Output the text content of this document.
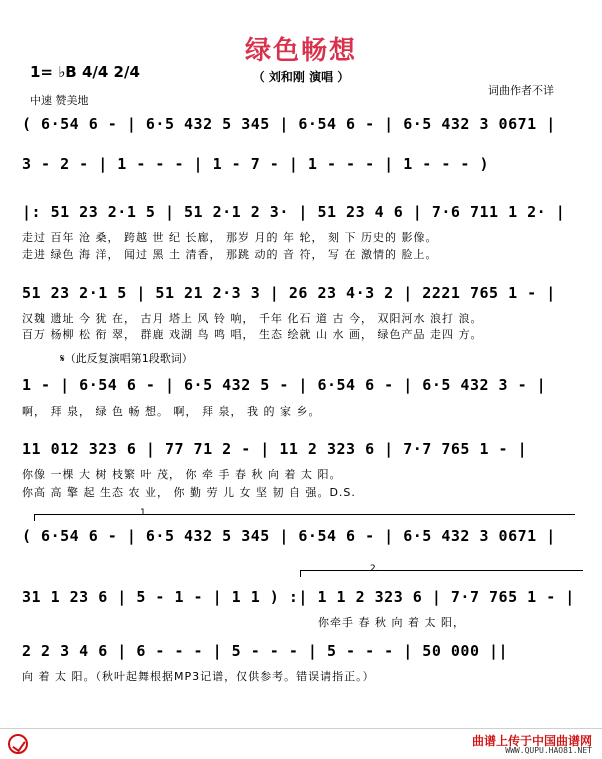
绿色畅想
（ 刘和刚 演唱 ）
1= ♭B 4/4 2/4
中速 赞美地
词曲作者不详
( 6·54 6 - | 6·5 432 5 345 | 6·54 6 - | 6·5 432 3 0671 |
3 - 2 - | 1 - - - | 1 - 7 - | 1 - - - | 1 - - - )
|: 51 23 2·1 5 | 51 2·1 2 3· | 51 23 4 6 | 7·6 711 1 2· |
走过 百年 沧 桑， 跨越 世 纪 长廊， 那岁 月的 年 轮， 刻 下 历史的 影像。
走进 绿色 海 洋， 闻过 黑 土 清香， 那跳 动的 音 符， 写 在 激情的 脸上。
51 23 2·1 5 | 51 21 2·3 3 | 26 23 4·3 2 | 2221 765 1 - |
汉魏 遗址 今 犹 在， 古月 塔上 风 铃 响， 千年 化石 道 古 今， 双阳河水 浪打 浪。
百万 杨柳 松 衔 翠， 群鹿 戏湖 鸟 鸣 唱， 生态 绘就 山 水 画， 绿色产品 走四 方。
𝄋（此反复演唱第1段歌词）
1 - | 6·54 6 - | 6·5 432 5 - | 6·54 6 - | 6·5 432 3 - |
啊， 拜 泉， 绿 色 畅 想。 啊， 拜 泉， 我 的 家 乡。
11 012 323 6 | 77 71 2 - | 11 2 323 6 | 7·7 765 1 - |
你像 一棵 大 树 枝繁 叶 茂， 你 牵 手 春 秋 向 着 太 阳。
你高 高 擎 起 生态 农 业， 你 勤 劳 儿 女 坚 韧 自 强。D.S.
1.
( 6·54 6 - | 6·5 432 5 345 | 6·54 6 - | 6·5 432 3 0671 |
2.
31 1 23 6 | 5 - 1 - | 1 1 ) :| 1 1 2 323 6 | 7·7 765 1 - |
你牵手 春 秋 向 着 太 阳，
2 2 3 4 6 | 6 - - - | 5 - - - | 5 - - - | 50 000 ||
向 着 太 阳。（秋叶起舞根据MP3记谱，仅供参考。错误请指正。）
曲谱上传于中国曲谱网
WWW.QUPU.HAO81.NET
